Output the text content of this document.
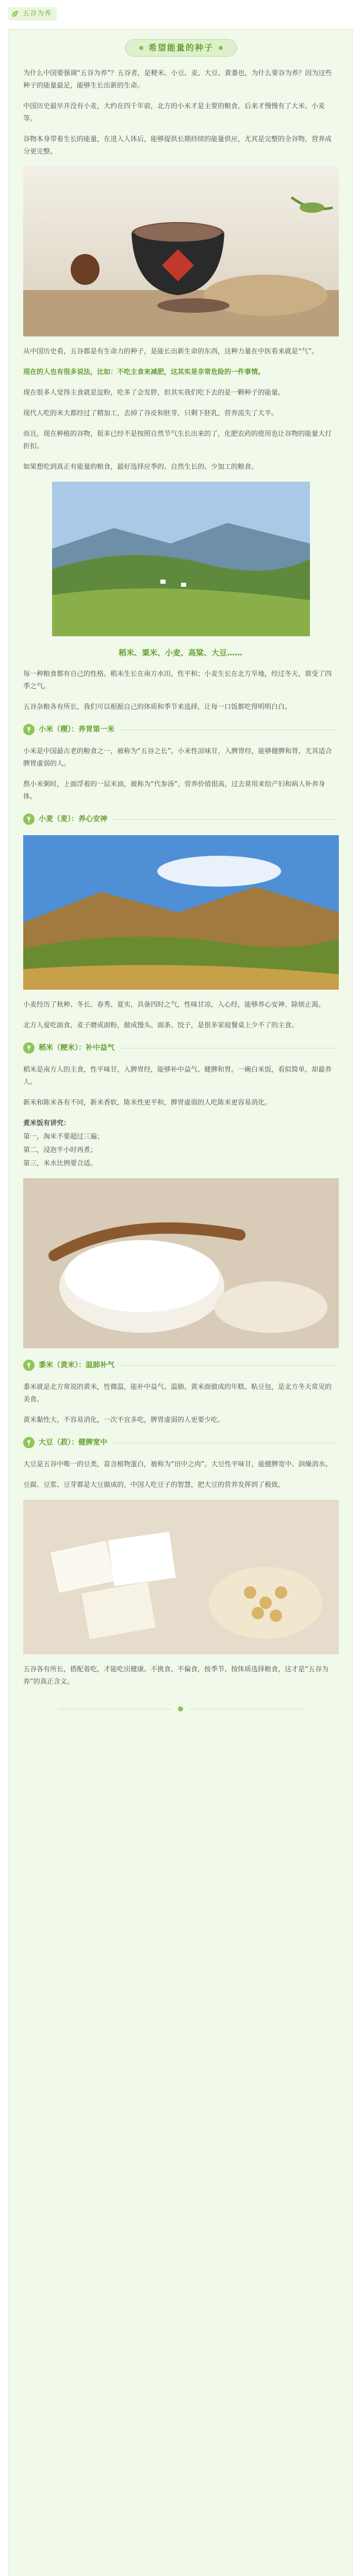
五谷为养
希望能量的种子

为什么中国要强调“五谷为养”？五谷者，是粳米、小豆、麦、大豆、黄黍也，为什么要谷为养？因为这些种子的能量最足，能够生长出新的生命。

中国历史最早并没有小麦，大约在四千年前，北方的小米才是主要的粮食，后来才慢慢有了大米、小麦等。

谷物本身带着生长的能量，在进入人体后，能够提供长期持续的能量供应，尤其是完整的全谷物，营养成分更完整。

从中国历史看，五谷都是有生命力的种子，是能长出新生命的东西，这种力量在中医看来就是“气”。

现在的人也有很多说法，比如：不吃主食来减肥，这其实是非常危险的一件事情。

现在很多人觉得主食就是淀粉，吃多了会发胖，但其实我们吃下去的是一颗种子的能量。

现代人吃的米大都经过了精加工，去掉了谷皮和胚芽，只剩下胚乳，营养流失了大半。

而且，现在种植的谷物，很多已经不是按照自然节气生长出来的了，化肥农药的使用也让谷物的能量大打折扣。

如果想吃到真正有能量的粮食，最好选择应季的、自然生长的、少加工的粮食。

稻米、粟米、小麦、高粱、大豆……

每一种粮食都有自己的性格。稻米生长在南方水田，性平和；小麦生长在北方旱地，经过冬天，禀受了四季之气。

五谷杂粮各有所长，我们可以根据自己的体质和季节来选择，让每一口饭都吃得明明白白。

小米（稷）：养胃第一米

小米是中国最古老的粮食之一，被称为“五谷之长”。小米性凉味甘，入脾胃经，能够健脾和胃，尤其适合脾胃虚弱的人。

熬小米粥时，上面浮着的一层米油，被称为“代参汤”，营养价值很高，过去常用来给产妇和病人补养身体。

小麦（麦）：养心安神

小麦经历了秋种、冬长、春秀、夏实，具备四时之气，性味甘凉，入心经，能够养心安神、除烦止渴。

北方人爱吃面食，麦子磨成面粉，做成馒头、面条、饺子，是很多家庭餐桌上少不了的主食。

稻米（粳米）：补中益气

稻米是南方人的主食，性平味甘，入脾胃经，能够补中益气、健脾和胃。一碗白米饭，看似简单，却最养人。

新米和陈米各有不同，新米香软，陈米性更平和，脾胃虚弱的人吃陈米更容易消化。

煮米饭有讲究：

第一，淘米不要超过三遍；

第二，浸泡半小时再煮；

第三，米水比例要合适。

黍米（黄米）：温肺补气

黍米就是北方常说的黄米，性微温，能补中益气、温肺。黄米面做成的年糕、粘豆包，是北方冬天常见的美食。

黄米黏性大，不容易消化，一次不宜多吃，脾胃虚弱的人更要少吃。

大豆（菽）：健脾宽中

大豆是五谷中唯一的豆类，富含植物蛋白，被称为“田中之肉”。大豆性平味甘，能健脾宽中、润燥消水。

豆腐、豆浆、豆芽都是大豆做成的，中国人吃豆子的智慧，把大豆的营养发挥到了极致。

五谷各有所长，搭配着吃，才能吃出健康。不挑食、不偏食，按季节、按体质选择粮食，这才是“五谷为养”的真正含义。
